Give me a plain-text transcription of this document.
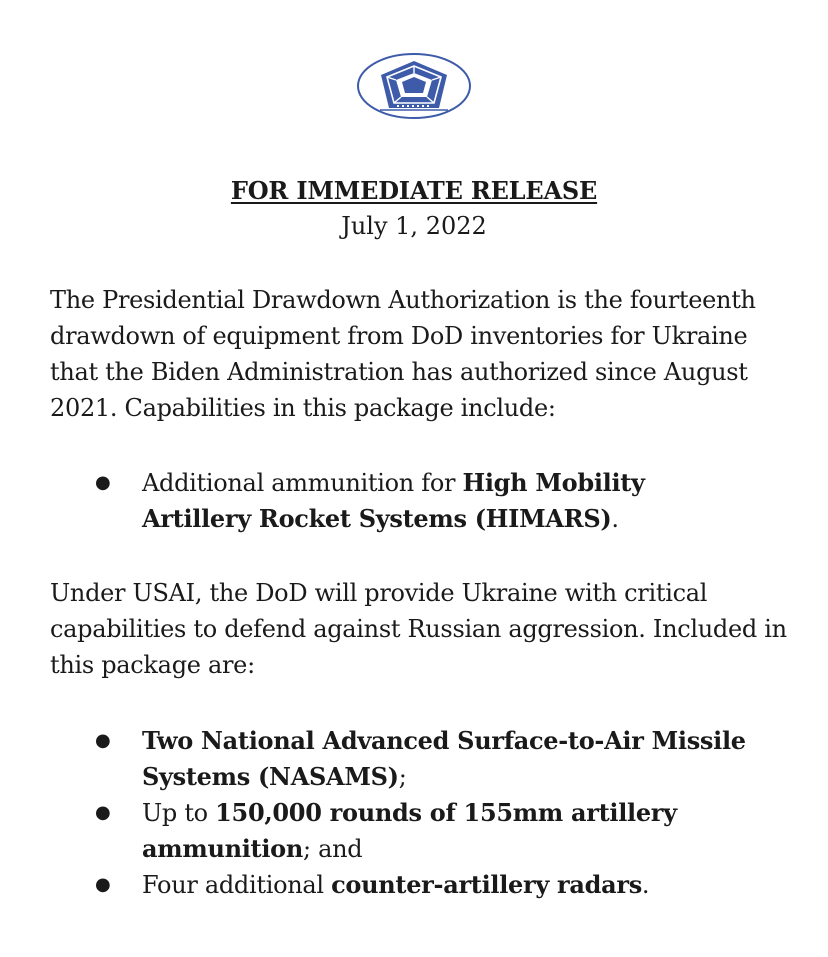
FOR IMMEDIATE RELEASE
July 1, 2022

The Presidential Drawdown Authorization is the fourteenth drawdown of equipment from DoD inventories for Ukraine that the Biden Administration has authorized since August 2021. Capabilities in this package include:

● Additional ammunition for High Mobility Artillery Rocket Systems (HIMARS).

Under USAI, the DoD will provide Ukraine with critical capabilities to defend against Russian aggression. Included in this package are:

● Two National Advanced Surface-to-Air Missile Systems (NASAMS);
● Up to 150,000 rounds of 155mm artillery ammunition; and
● Four additional counter-artillery radars.
